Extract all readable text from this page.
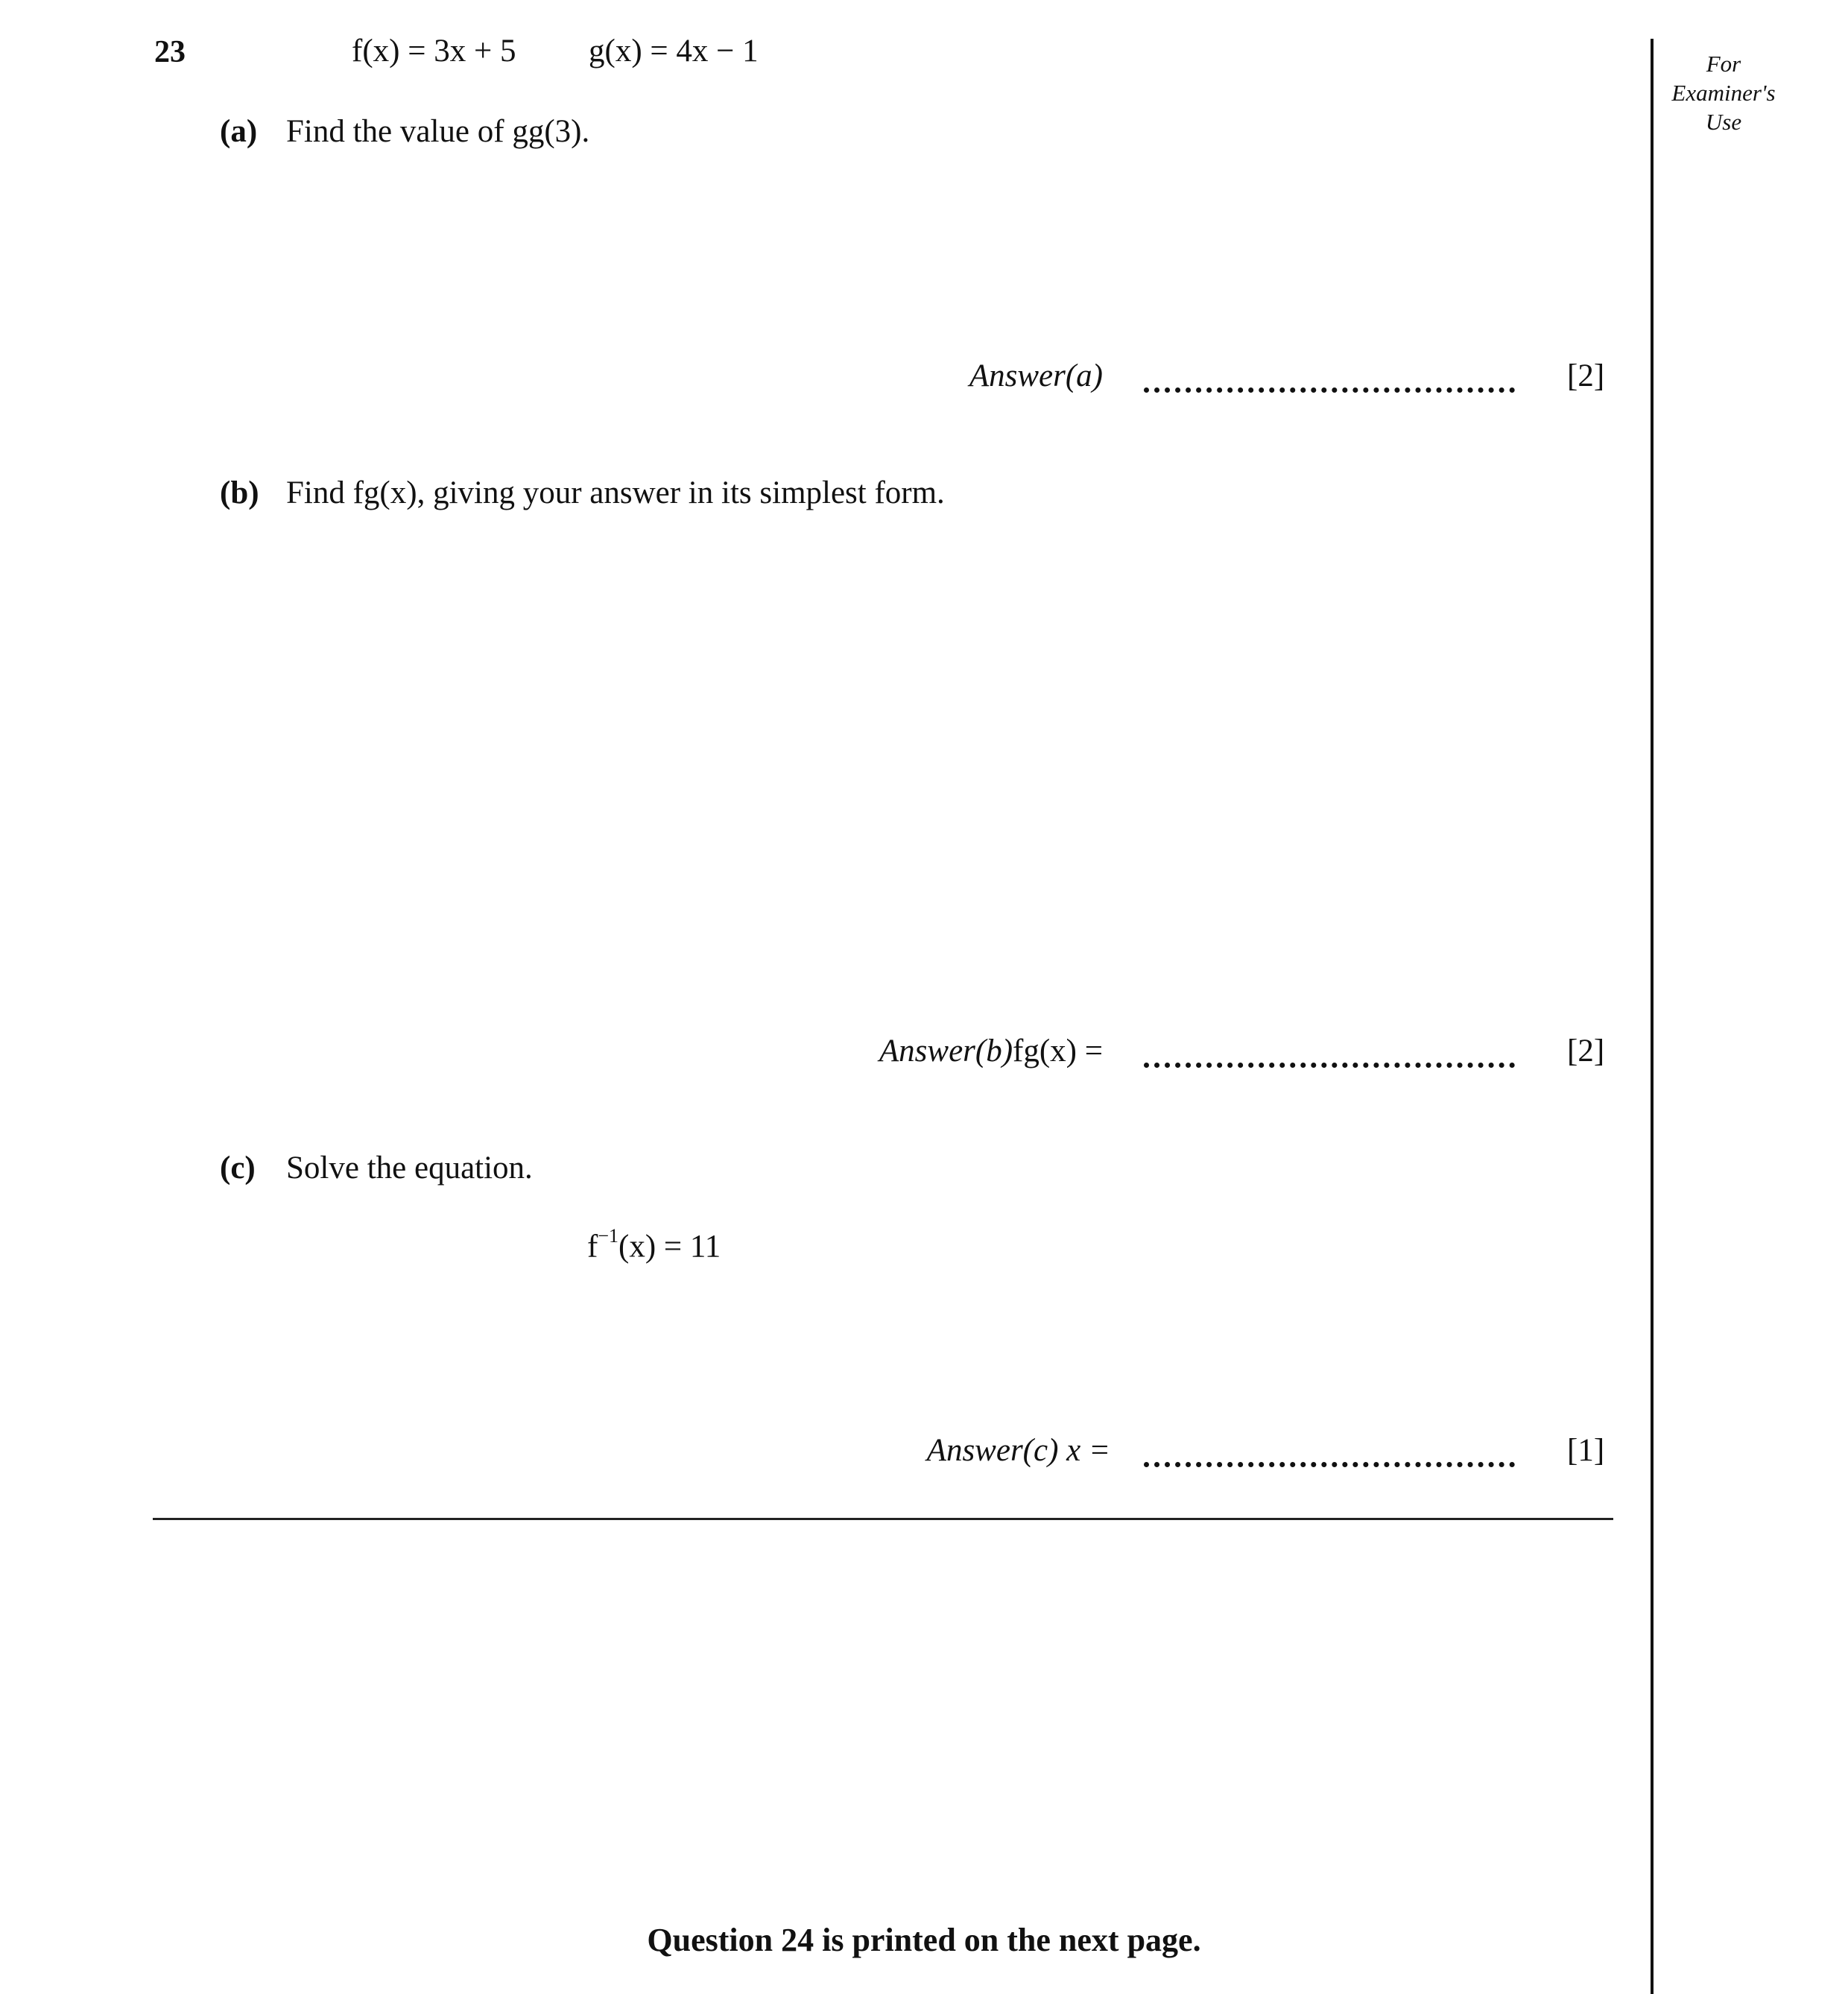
23	f(x) = 3x + 5 g(x) = 4x − 1	For
Examiner's
Use
(a) Find the value of gg(3).
Answer(a)	[2]
(b) Find fg(x), giving your answer in its simplest form.
Answer(b)fg(x) =	[2]
(c) Solve the equation.
$f^{-1}(x) = 11$
Answer(c) x =	[1]
Question 24 is printed on the next page.
